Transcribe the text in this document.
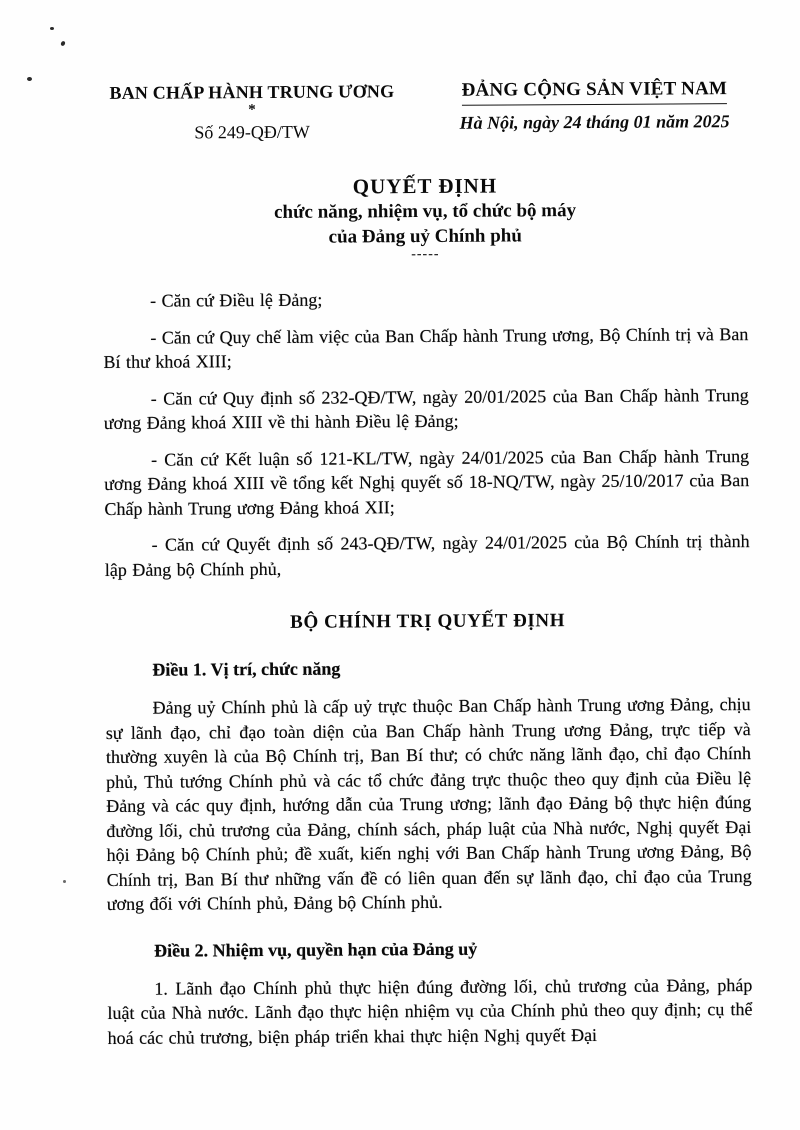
BAN CHẤP HÀNH TRUNG ƯƠNG
*
Số 249-QĐ/TW
ĐẢNG CỘNG SẢN VIỆT NAM
Hà Nội, ngày 24 tháng 01 năm 2025
QUYẾT ĐỊNH
chức năng, nhiệm vụ, tổ chức bộ máy
của Đảng uỷ Chính phủ
-----

- Căn cứ Điều lệ Đảng;

- Căn cứ Quy chế làm việc của Ban Chấp hành Trung ương, Bộ Chính trị và Ban Bí thư khoá XIII;

- Căn cứ Quy định số 232-QĐ/TW, ngày 20/01/2025 của Ban Chấp hành Trung ương Đảng khoá XIII về thi hành Điều lệ Đảng;

- Căn cứ Kết luận số 121-KL/TW, ngày 24/01/2025 của Ban Chấp hành Trung ương Đảng khoá XIII về tổng kết Nghị quyết số 18-NQ/TW, ngày 25/10/2017 của Ban Chấp hành Trung ương Đảng khoá XII;

- Căn cứ Quyết định số 243-QĐ/TW, ngày 24/01/2025 của Bộ Chính trị thành lập Đảng bộ Chính phủ,

BỘ CHÍNH TRỊ QUYẾT ĐỊNH
Điều 1. Vị trí, chức năng

Đảng uỷ Chính phủ là cấp uỷ trực thuộc Ban Chấp hành Trung ương Đảng, chịu sự lãnh đạo, chỉ đạo toàn diện của Ban Chấp hành Trung ương Đảng, trực tiếp và thường xuyên là của Bộ Chính trị, Ban Bí thư; có chức năng lãnh đạo, chỉ đạo Chính phủ, Thủ tướng Chính phủ và các tổ chức đảng trực thuộc theo quy định của Điều lệ Đảng và các quy định, hướng dẫn của Trung ương; lãnh đạo Đảng bộ thực hiện đúng đường lối, chủ trương của Đảng, chính sách, pháp luật của Nhà nước, Nghị quyết Đại hội Đảng bộ Chính phủ; đề xuất, kiến nghị với Ban Chấp hành Trung ương Đảng, Bộ Chính trị, Ban Bí thư những vấn đề có liên quan đến sự lãnh đạo, chỉ đạo của Trung ương đối với Chính phủ, Đảng bộ Chính phủ.

Điều 2. Nhiệm vụ, quyền hạn của Đảng uỷ

1. Lãnh đạo Chính phủ thực hiện đúng đường lối, chủ trương của Đảng, pháp luật của Nhà nước. Lãnh đạo thực hiện nhiệm vụ của Chính phủ theo quy định; cụ thể hoá các chủ trương, biện pháp triển khai thực hiện Nghị quyết Đại
